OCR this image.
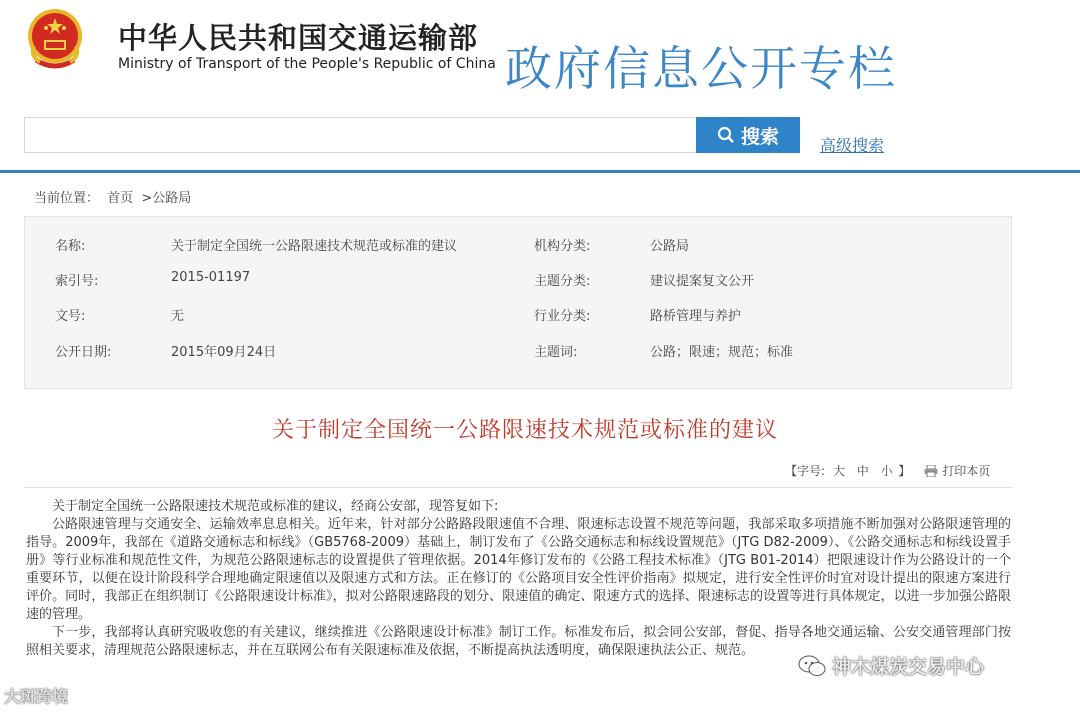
中华人民共和国交通运输部
Ministry of Transport of the People's Republic of China 政府信息公开专栏
搜索	高级搜索
当前位置： 首页 >公路局
名称:	关于制定全国统一公路限速技术规范或标准的建议	机构分类:	公路局
索引号:	2015-01197	主题分类:	建议提案复文公开
文号:	无	行业分类:	路桥管理与养护
公开日期:	2015年09月24日	主题词:	公路；限速；规范；标准
关于制定全国统一公路限速技术规范或标准的建议
【字号: 大 中 小 】	打印本页

关于制定全国统一公路限速技术规范或标准的建议，经商公安部，现答复如下:

公路限速管理与交通安全、运输效率息息相关。近年来，针对部分公路路段限速值不合理、限速标志设置不规范等问题，我部采取多项措施不断加强对公路限速管理的指导。2009年，我部在《道路交通标志和标线》（GB5768-2009）基础上，制订发布了《公路交通标志和标线设置规范》（JTG D82-2009）、《公路交通标志和标线设置手册》等行业标准和规范性文件，为规范公路限速标志的设置提供了管理依据。2014年修订发布的《公路工程技术标准》（JTG B01-2014）把限速设计作为公路设计的一个重要环节，以便在设计阶段科学合理地确定限速值以及限速方式和方法。正在修订的《公路项目安全性评价指南》拟规定，进行安全性评价时宜对设计提出的限速方案进行评价。同时，我部正在组织制订《公路限速设计标准》，拟对公路限速路段的划分、限速值的确定、限速方式的选择、限速标志的设置等进行具体规定，以进一步加强公路限速的管理。

下一步，我部将认真研究吸收您的有关建议，继续推进《公路限速设计标准》制订工作。标准发布后，拟会同公安部，督促、指导各地交通运输、公安交通管理部门按照相关要求，清理规范公路限速标志，并在互联网公布有关限速标准及依据，不断提高执法透明度，确保限速执法公正、规范。

大斑跨境
神木煤炭交易中心
